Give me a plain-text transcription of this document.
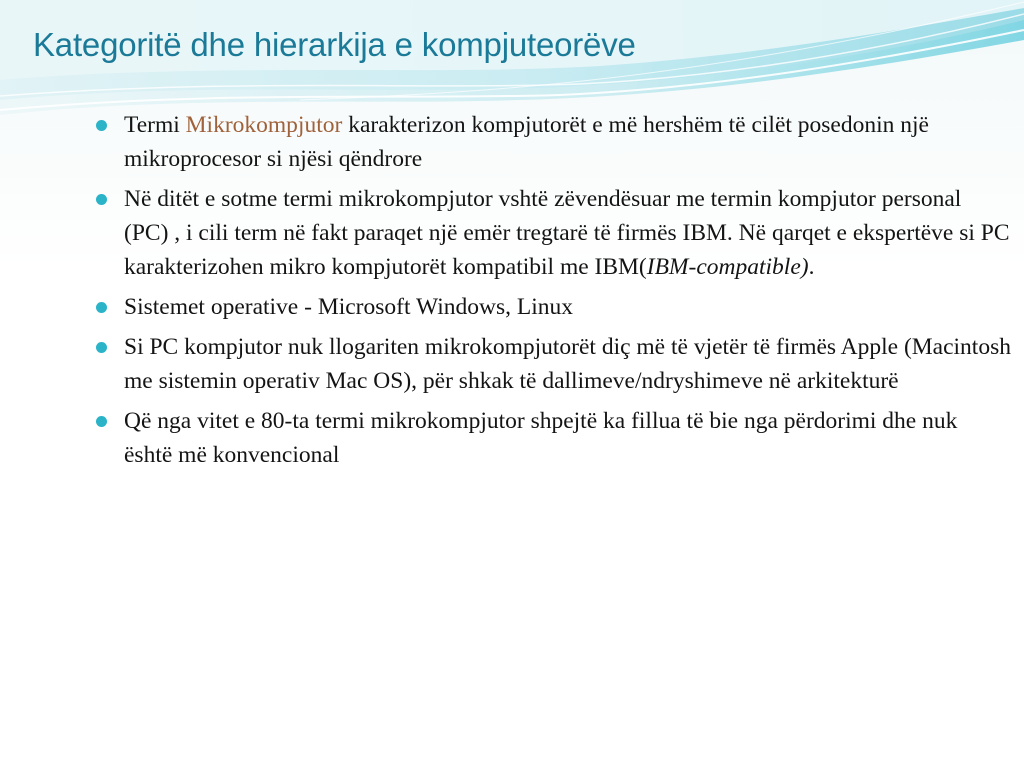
Kategoritë dhe hierarkija e kompjuteorëve
Termi Mikrokompjutor karakterizon kompjutorët e më hershëm të cilët posedonin një mikroprocesor si njësi qëndrore
Në ditët e sotme termi mikrokompjutor vshtë zëvendësuar me termin kompjutor personal (PC) , i cili term në fakt paraqet një emër tregtarë të firmës IBM. Në qarqet e ekspertëve si PC karakterizohen mikro kompjutorët kompatibil me IBM(IBM-compatible).
Sistemet operative - Microsoft Windows, Linux
Si PC kompjutor nuk llogariten mikrokompjutorët diç më të vjetër të firmës Apple (Macintosh me sistemin operativ Mac OS), për shkak të dallimeve/ndryshimeve në arkitekturë
Që nga vitet e 80-ta termi mikrokompjutor shpejtë ka fillua të bie nga përdorimi dhe nuk është më konvencional
